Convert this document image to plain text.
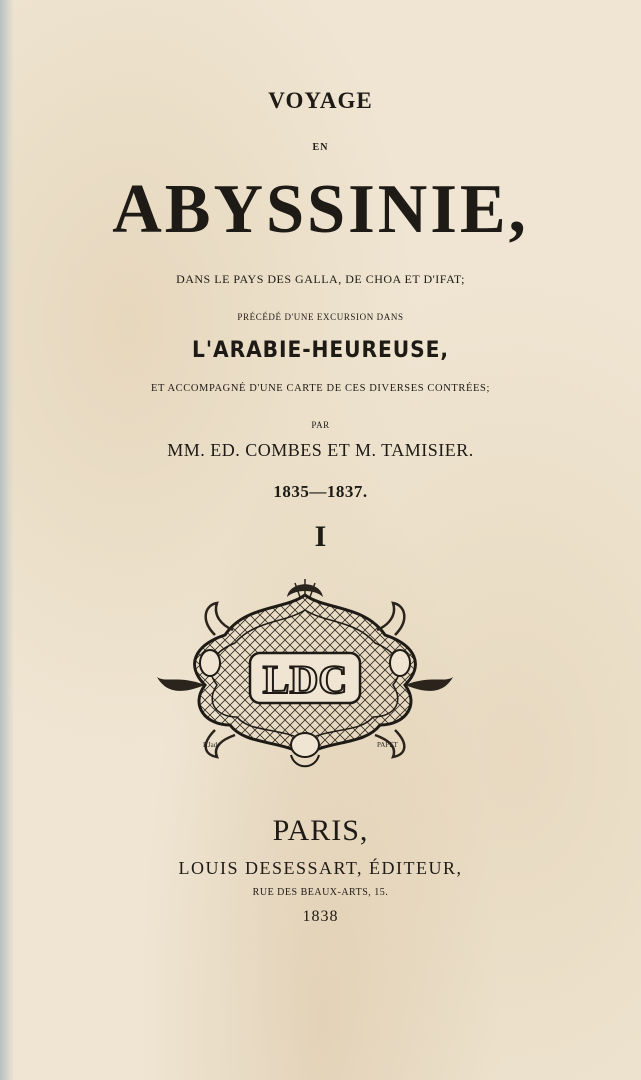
VOYAGE
EN
ABYSSINIE,
DANS LE PAYS DES GALLA, DE CHOA ET D'IFAT;
PRÉCÉDÉ D'UNE EXCURSION DANS
L'ARABIE-HEUREUSE,
ET ACCOMPAGNÉ D'UNE CARTE DE CES DIVERSES CONTRÉES;
PAR
MM. ED. COMBES ET M. TAMISIER.
1835—1837.
I
LDC
P.Jad.	PAPET
PARIS,
LOUIS DESESSART, ÉDITEUR,
RUE DES BEAUX-ARTS, 15.
1838
